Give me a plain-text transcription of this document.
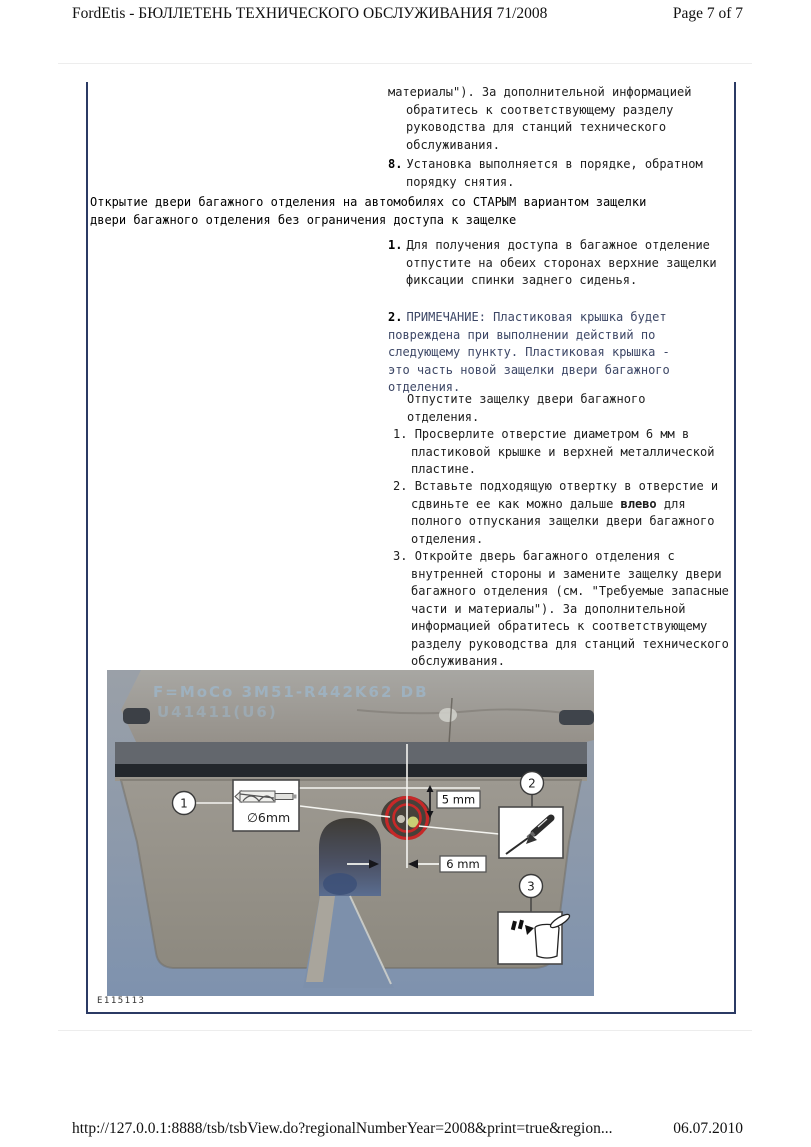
FordEtis - БЮЛЛЕТЕНЬ ТЕХНИЧЕСКОГО ОБСЛУЖИВАНИЯ 71/2008	Page 7 of 7
материалы"). За дополнительной информацией обратитесь к соответствующему разделу руководства для станций технического обслуживания.
8. Установка выполняется в порядке, обратном порядку снятия.
Открытие двери багажного отделения на автомобилях со СТАРЫМ вариантом защелки двери багажного отделения без ограничения доступа к защелке
1. Для получения доступа в багажное отделение отпустите на обеих сторонах верхние защелки фиксации спинки заднего сиденья.
2. ПРИМЕЧАНИЕ: Пластиковая крышка будет повреждена при выполнении действий по следующему пункту. Пластиковая крышка - это часть новой защелки двери багажного отделения.
Отпустите защелку двери багажного отделения.
1. Просверлите отверстие диаметром 6 мм в пластиковой крышке и верхней металлической пластине.
2. Вставьте подходящую отвертку в отверстие и сдвиньте ее как можно дальше влево для полного отпускания защелки двери багажного отделения.
3. Откройте дверь багажного отделения с внутренней стороны и замените защелку двери багажного отделения (см. "Требуемые запасные части и материалы"). За дополнительной информацией обратитесь к соответствующему разделу руководства для станций технического обслуживания.
F=MoCo 3M51-R442K62 DB
U41411(U6)
5 mm
6 mm
1
∅6mm
2
3
E115113
http://127.0.0.1:8888/tsb/tsbView.do?regionalNumberYear=2008&print=true&region...	06.07.2010
